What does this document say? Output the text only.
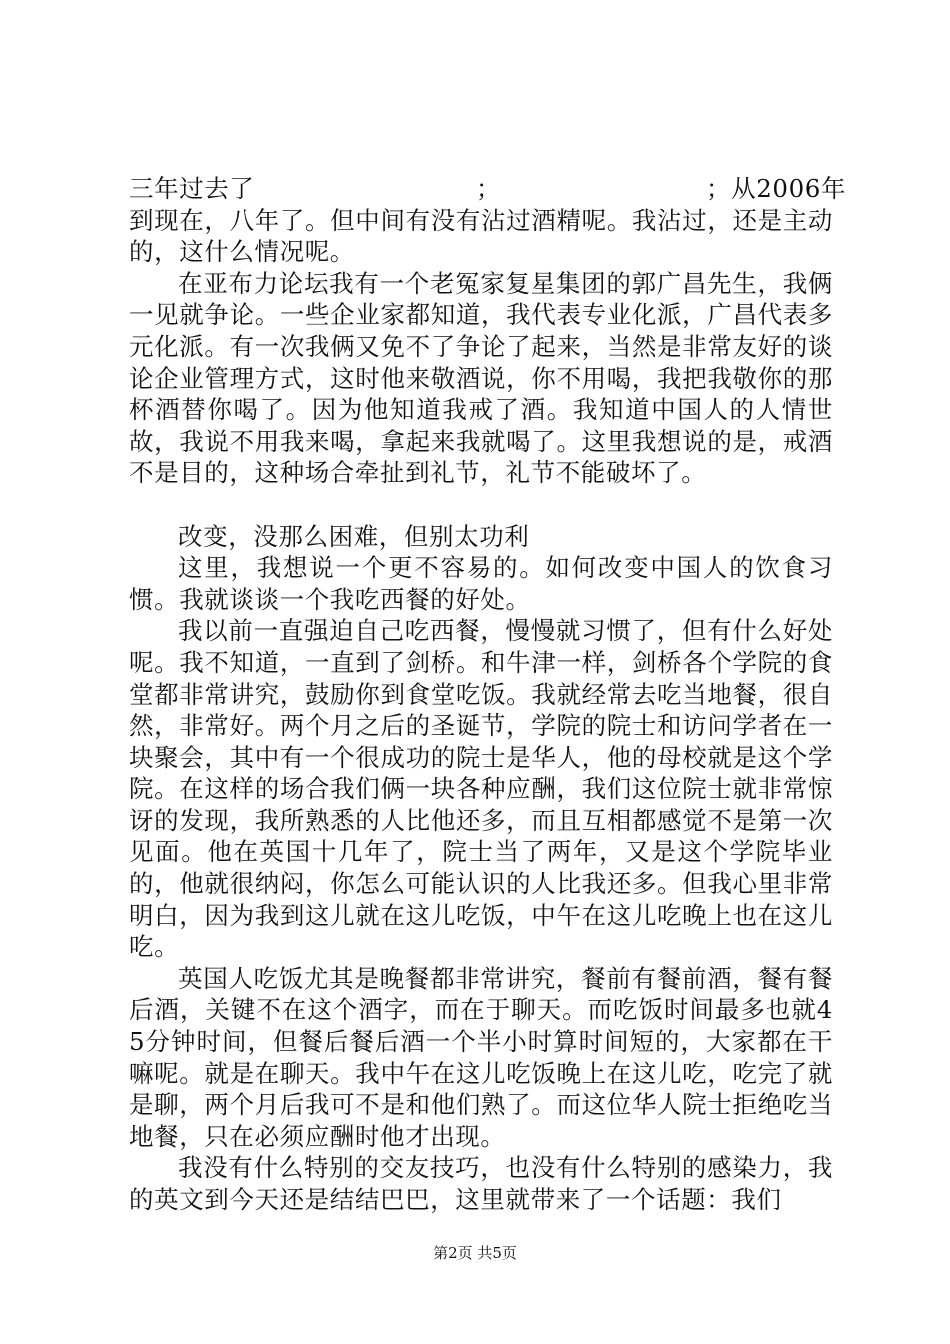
三年过去了	；	；从2006年

到现在，八年了。但中间有没有沾过酒精呢。我沾过，还是主动的，这什么情况呢。

在亚布力论坛我有一个老冤家复星集团的郭广昌先生，我俩一见就争论。一些企业家都知道，我代表专业化派，广昌代表多元化派。有一次我俩又免不了争论了起来，当然是非常友好的谈论企业管理方式，这时他来敬酒说，你不用喝，我把我敬你的那杯酒替你喝了。因为他知道我戒了酒。我知道中国人的人情世故，我说不用我来喝，拿起来我就喝了。这里我想说的是，戒酒不是目的，这种场合牵扯到礼节，礼节不能破坏了。

改变，没那么困难，但别太功利

这里，我想说一个更不容易的。如何改变中国人的饮食习惯。我就谈谈一个我吃西餐的好处。

我以前一直强迫自己吃西餐，慢慢就习惯了，但有什么好处呢。我不知道，一直到了剑桥。和牛津一样，剑桥各个学院的食堂都非常讲究，鼓励你到食堂吃饭。我就经常去吃当地餐，很自然，非常好。两个月之后的圣诞节，学院的院士和访问学者在一块聚会，其中有一个很成功的院士是华人，他的母校就是这个学院。在这样的场合我们俩一块各种应酬，我们这位院士就非常惊讶的发现，我所熟悉的人比他还多，而且互相都感觉不是第一次见面。他在英国十几年了，院士当了两年，又是这个学院毕业的，他就很纳闷，你怎么可能认识的人比我还多。但我心里非常明白，因为我到这儿就在这儿吃饭，中午在这儿吃晚上也在这儿吃。

英国人吃饭尤其是晚餐都非常讲究，餐前有餐前酒，餐有餐后酒，关键不在这个酒字，而在于聊天。而吃饭时间最多也就45分钟时间，但餐后餐后酒一个半小时算时间短的，大家都在干嘛呢。就是在聊天。我中午在这儿吃饭晚上在这儿吃，吃完了就是聊，两个月后我可不是和他们熟了。而这位华人院士拒绝吃当地餐，只在必须应酬时他才出现。

我没有什么特别的交友技巧，也没有什么特别的感染力，我的英文到今天还是结结巴巴，这里就带来了一个话题：我们

第2页 共5页
